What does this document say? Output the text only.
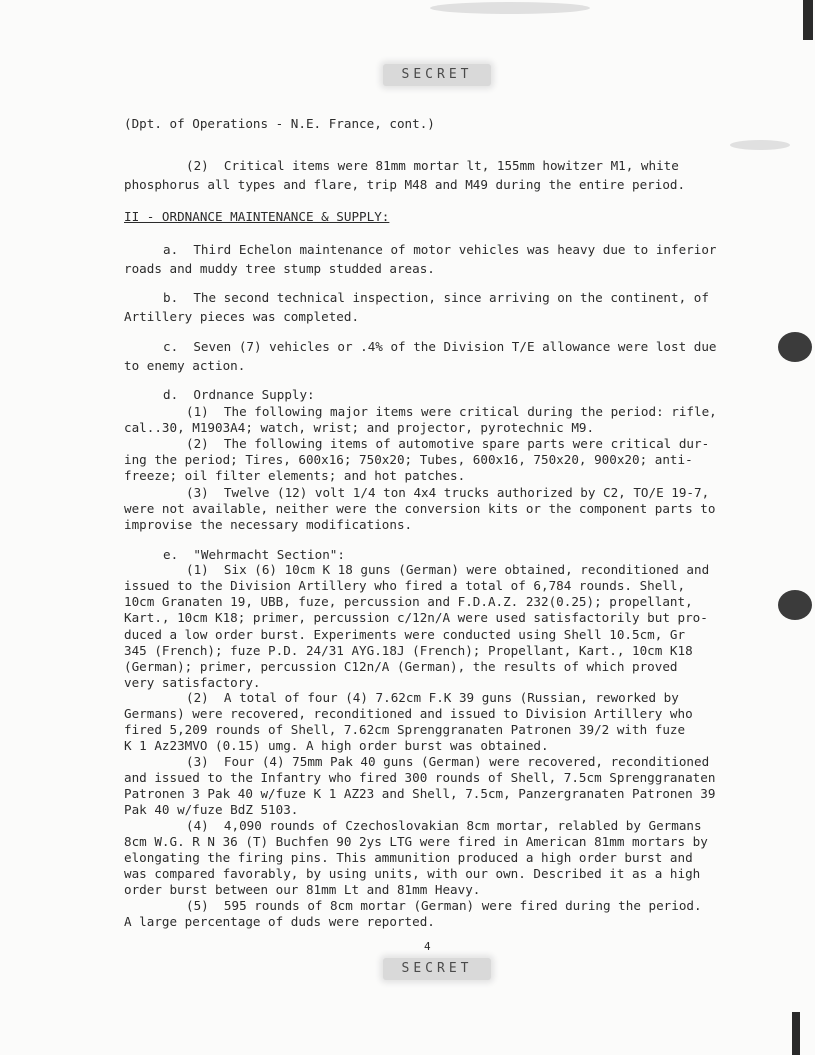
SECRET
(Dpt. of Operations - N.E. France, cont.)
(2)  Critical items were 81mm mortar lt, 155mm howitzer M1, white
phosphorus all types and flare, trip M48 and M49 during the entire period.
II - ORDNANCE MAINTENANCE & SUPPLY:
a.  Third Echelon maintenance of motor vehicles was heavy due to inferior
roads and muddy tree stump studded areas.
b.  The second technical inspection, since arriving on the continent, of
Artillery pieces was completed.
c.  Seven (7) vehicles or .4% of the Division T/E allowance were lost due
to enemy action.
d.  Ordnance Supply:
(1)  The following major items were critical during the period: rifle,
cal..30, M1903A4; watch, wrist; and projector, pyrotechnic M9.
(2)  The following items of automotive spare parts were critical dur-
ing the period; Tires, 600x16; 750x20; Tubes, 600x16, 750x20, 900x20; anti-
freeze; oil filter elements; and hot patches.
(3)  Twelve (12) volt 1/4 ton 4x4 trucks authorized by C2, TO/E 19-7,
were not available, neither were the conversion kits or the component parts to
improvise the necessary modifications.
e.  "Wehrmacht Section":
(1)  Six (6) 10cm K 18 guns (German) were obtained, reconditioned and
issued to the Division Artillery who fired a total of 6,784 rounds. Shell,
10cm Granaten 19, UBB, fuze, percussion and F.D.A.Z. 232(0.25); propellant,
Kart., 10cm K18; primer, percussion c/12n/A were used satisfactorily but pro-
duced a low order burst. Experiments were conducted using Shell 10.5cm, Gr
345 (French); fuze P.D. 24/31 AYG.18J (French); Propellant, Kart., 10cm K18
(German); primer, percussion C12n/A (German), the results of which proved
very satisfactory.
(2)  A total of four (4) 7.62cm F.K 39 guns (Russian, reworked by
Germans) were recovered, reconditioned and issued to Division Artillery who
fired 5,209 rounds of Shell, 7.62cm Sprenggranaten Patronen 39/2 with fuze
K 1 Az23MVO (0.15) umg. A high order burst was obtained.
(3)  Four (4) 75mm Pak 40 guns (German) were recovered, reconditioned
and issued to the Infantry who fired 300 rounds of Shell, 7.5cm Sprenggranaten
Patronen 3 Pak 40 w/fuze K 1 AZ23 and Shell, 7.5cm, Panzergranaten Patronen 39
Pak 40 w/fuze BdZ 5103.
(4)  4,090 rounds of Czechoslovakian 8cm mortar, relabled by Germans
8cm W.G. R N 36 (T) Buchfen 90 2ys LTG were fired in American 81mm mortars by
elongating the firing pins. This ammunition produced a high order burst and
was compared favorably, by using units, with our own. Described it as a high
order burst between our 81mm Lt and 81mm Heavy.
(5)  595 rounds of 8cm mortar (German) were fired during the period.
A large percentage of duds were reported.
4
SECRET
